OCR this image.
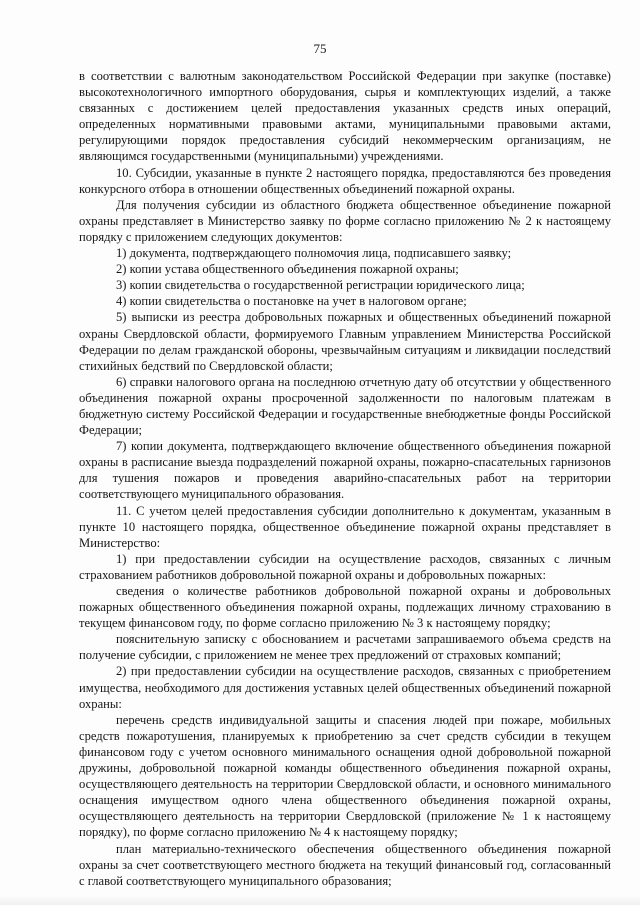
75

в соответствии с валютным законодательством Российской Федерации при закупке (поставке) высокотехнологичного импортного оборудования, сырья и комплектующих изделий, а также связанных с достижением целей предоставления указанных средств иных операций, определенных нормативными правовыми актами, муниципальными правовыми актами, регулирующими порядок предоставления субсидий некоммерческим организациям, не являющимся государственными (муниципальными) учреждениями.

10. Субсидии, указанные в пункте 2 настоящего порядка, предоставляются без проведения конкурсного отбора в отношении общественных объединений пожарной охраны.

Для получения субсидии из областного бюджета общественное объединение пожарной охраны представляет в Министерство заявку по форме согласно приложению № 2 к настоящему порядку с приложением следующих документов:

1) документа, подтверждающего полномочия лица, подписавшего заявку;

2) копии устава общественного объединения пожарной охраны;

3) копии свидетельства о государственной регистрации юридического лица;

4) копии свидетельства о постановке на учет в налоговом органе;

5) выписки из реестра добровольных пожарных и общественных объединений пожарной охраны Свердловской области, формируемого Главным управлением Министерства Российской Федерации по делам гражданской обороны, чрезвычайным ситуациям и ликвидации последствий стихийных бедствий по Свердловской области;

6) справки налогового органа на последнюю отчетную дату об отсутствии у общественного объединения пожарной охраны просроченной задолженности по налоговым платежам в бюджетную систему Российской Федерации и государственные внебюджетные фонды Российской Федерации;

7) копии документа, подтверждающего включение общественного объединения пожарной охраны в расписание выезда подразделений пожарной охраны, пожарно-спасательных гарнизонов для тушения пожаров и проведения аварийно-спасательных работ на территории соответствующего муниципального образования.

11. С учетом целей предоставления субсидии дополнительно к документам, указанным в пункте 10 настоящего порядка, общественное объединение пожарной охраны представляет в Министерство:

1) при предоставлении субсидии на осуществление расходов, связанных с личным страхованием работников добровольной пожарной охраны и добровольных пожарных:

сведения о количестве работников добровольной пожарной охраны и добровольных пожарных общественного объединения пожарной охраны, подлежащих личному страхованию в текущем финансовом году, по форме согласно приложению № 3 к настоящему порядку;

пояснительную записку с обоснованием и расчетами запрашиваемого объема средств на получение субсидии, с приложением не менее трех предложений от страховых компаний;

2) при предоставлении субсидии на осуществление расходов, связанных с приобретением имущества, необходимого для достижения уставных целей общественных объединений пожарной охраны:

перечень средств индивидуальной защиты и спасения людей при пожаре, мобильных средств пожаротушения, планируемых к приобретению за счет средств субсидии в текущем финансовом году с учетом основного минимального оснащения одной добровольной пожарной дружины, добровольной пожарной команды общественного объединения пожарной охраны, осуществляющего деятельность на территории Свердловской области, и основного минимального оснащения имуществом одного члена общественного объединения пожарной охраны, осуществляющего деятельность на территории Свердловской (приложение № 1 к настоящему порядку), по форме согласно приложению № 4 к настоящему порядку;

план материально-технического обеспечения общественного объединения пожарной охраны за счет соответствующего местного бюджета на текущий финансовый год, согласованный с главой соответствующего муниципального образования;
